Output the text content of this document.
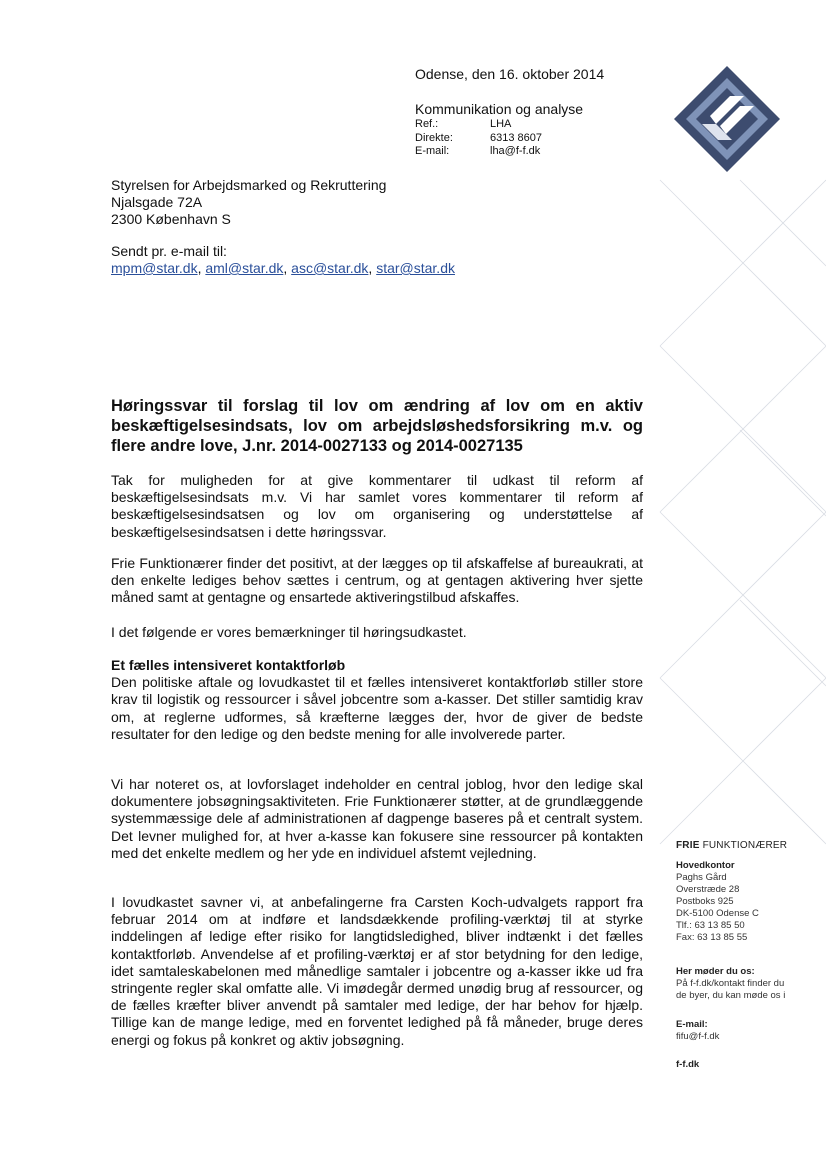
Odense, den 16. oktober 2014
Kommunikation og analyse
Ref.:	LHA
Direkte:	6313 8607
E-mail:	lha@f-f.dk
Styrelsen for Arbejdsmarked og Rekruttering
Njalsgade 72A
2300 København S
Sendt pr. e-mail til:
mpm@star.dk, aml@star.dk, asc@star.dk, star@star.dk
Høringssvar til forslag til lov om ændring af lov om en aktiv beskæftigelsesindsats, lov om arbejdsløshedsforsikring m.v. og flere andre love, J.nr. 2014-0027133 og 2014-0027135
Tak for muligheden for at give kommentarer til udkast til reform af beskæftigelsesindsats m.v. Vi har samlet vores kommentarer til reform af beskæftigelsesindsatsen og lov om organisering og understøttelse af beskæftigelsesindsatsen i dette høringssvar.
Frie Funktionærer finder det positivt, at der lægges op til afskaffelse af bureaukrati, at den enkelte lediges behov sættes i centrum, og at gentagen aktivering hver sjette måned samt at gentagne og ensartede aktiveringstilbud afskaffes.
I det følgende er vores bemærkninger til høringsudkastet.
Et fælles intensiveret kontaktforløb
Den politiske aftale og lovudkastet til et fælles intensiveret kontaktforløb stiller store krav til logistik og ressourcer i såvel jobcentre som a-kasser. Det stiller samtidig krav om, at reglerne udformes, så kræfterne lægges der, hvor de giver de bedste resultater for den ledige og den bedste mening for alle involverede parter.
Vi har noteret os, at lovforslaget indeholder en central joblog, hvor den ledige skal dokumentere jobsøgningsaktiviteten. Frie Funktionærer støtter, at de grundlæggende systemmæssige dele af administrationen af dagpenge baseres på et centralt system. Det levner mulighed for, at hver a-kasse kan fokusere sine ressourcer på kontakten med det enkelte medlem og her yde en individuel afstemt vejledning.
I lovudkastet savner vi, at anbefalingerne fra Carsten Koch-udvalgets rapport fra februar 2014 om at indføre et landsdækkende profiling-værktøj til at styrke inddelingen af ledige efter risiko for langtidsledighed, bliver indtænkt i det fælles kontaktforløb. Anvendelse af et profiling-værktøj er af stor betydning for den ledige, idet samtaleskabelonen med månedlige samtaler i jobcentre og a-kasser ikke ud fra stringente regler skal omfatte alle. Vi imødegår dermed unødig brug af ressourcer, og de fælles kræfter bliver anvendt på samtaler med ledige, der har behov for hjælp. Tillige kan de mange ledige, med en forventet ledighed på få måneder, bruge deres energi og fokus på konkret og aktiv jobsøgning.
FRIE FUNKTIONÆRER
Hovedkontor
Paghs Gård
Overstræde 28
Postboks 925
DK-5100 Odense C
Tlf.: 63 13 85 50
Fax: 63 13 85 55
Her møder du os:
På f-f.dk/kontakt finder du
de byer, du kan møde os i
E-mail:
fifu@f-f.dk
f-f.dk
